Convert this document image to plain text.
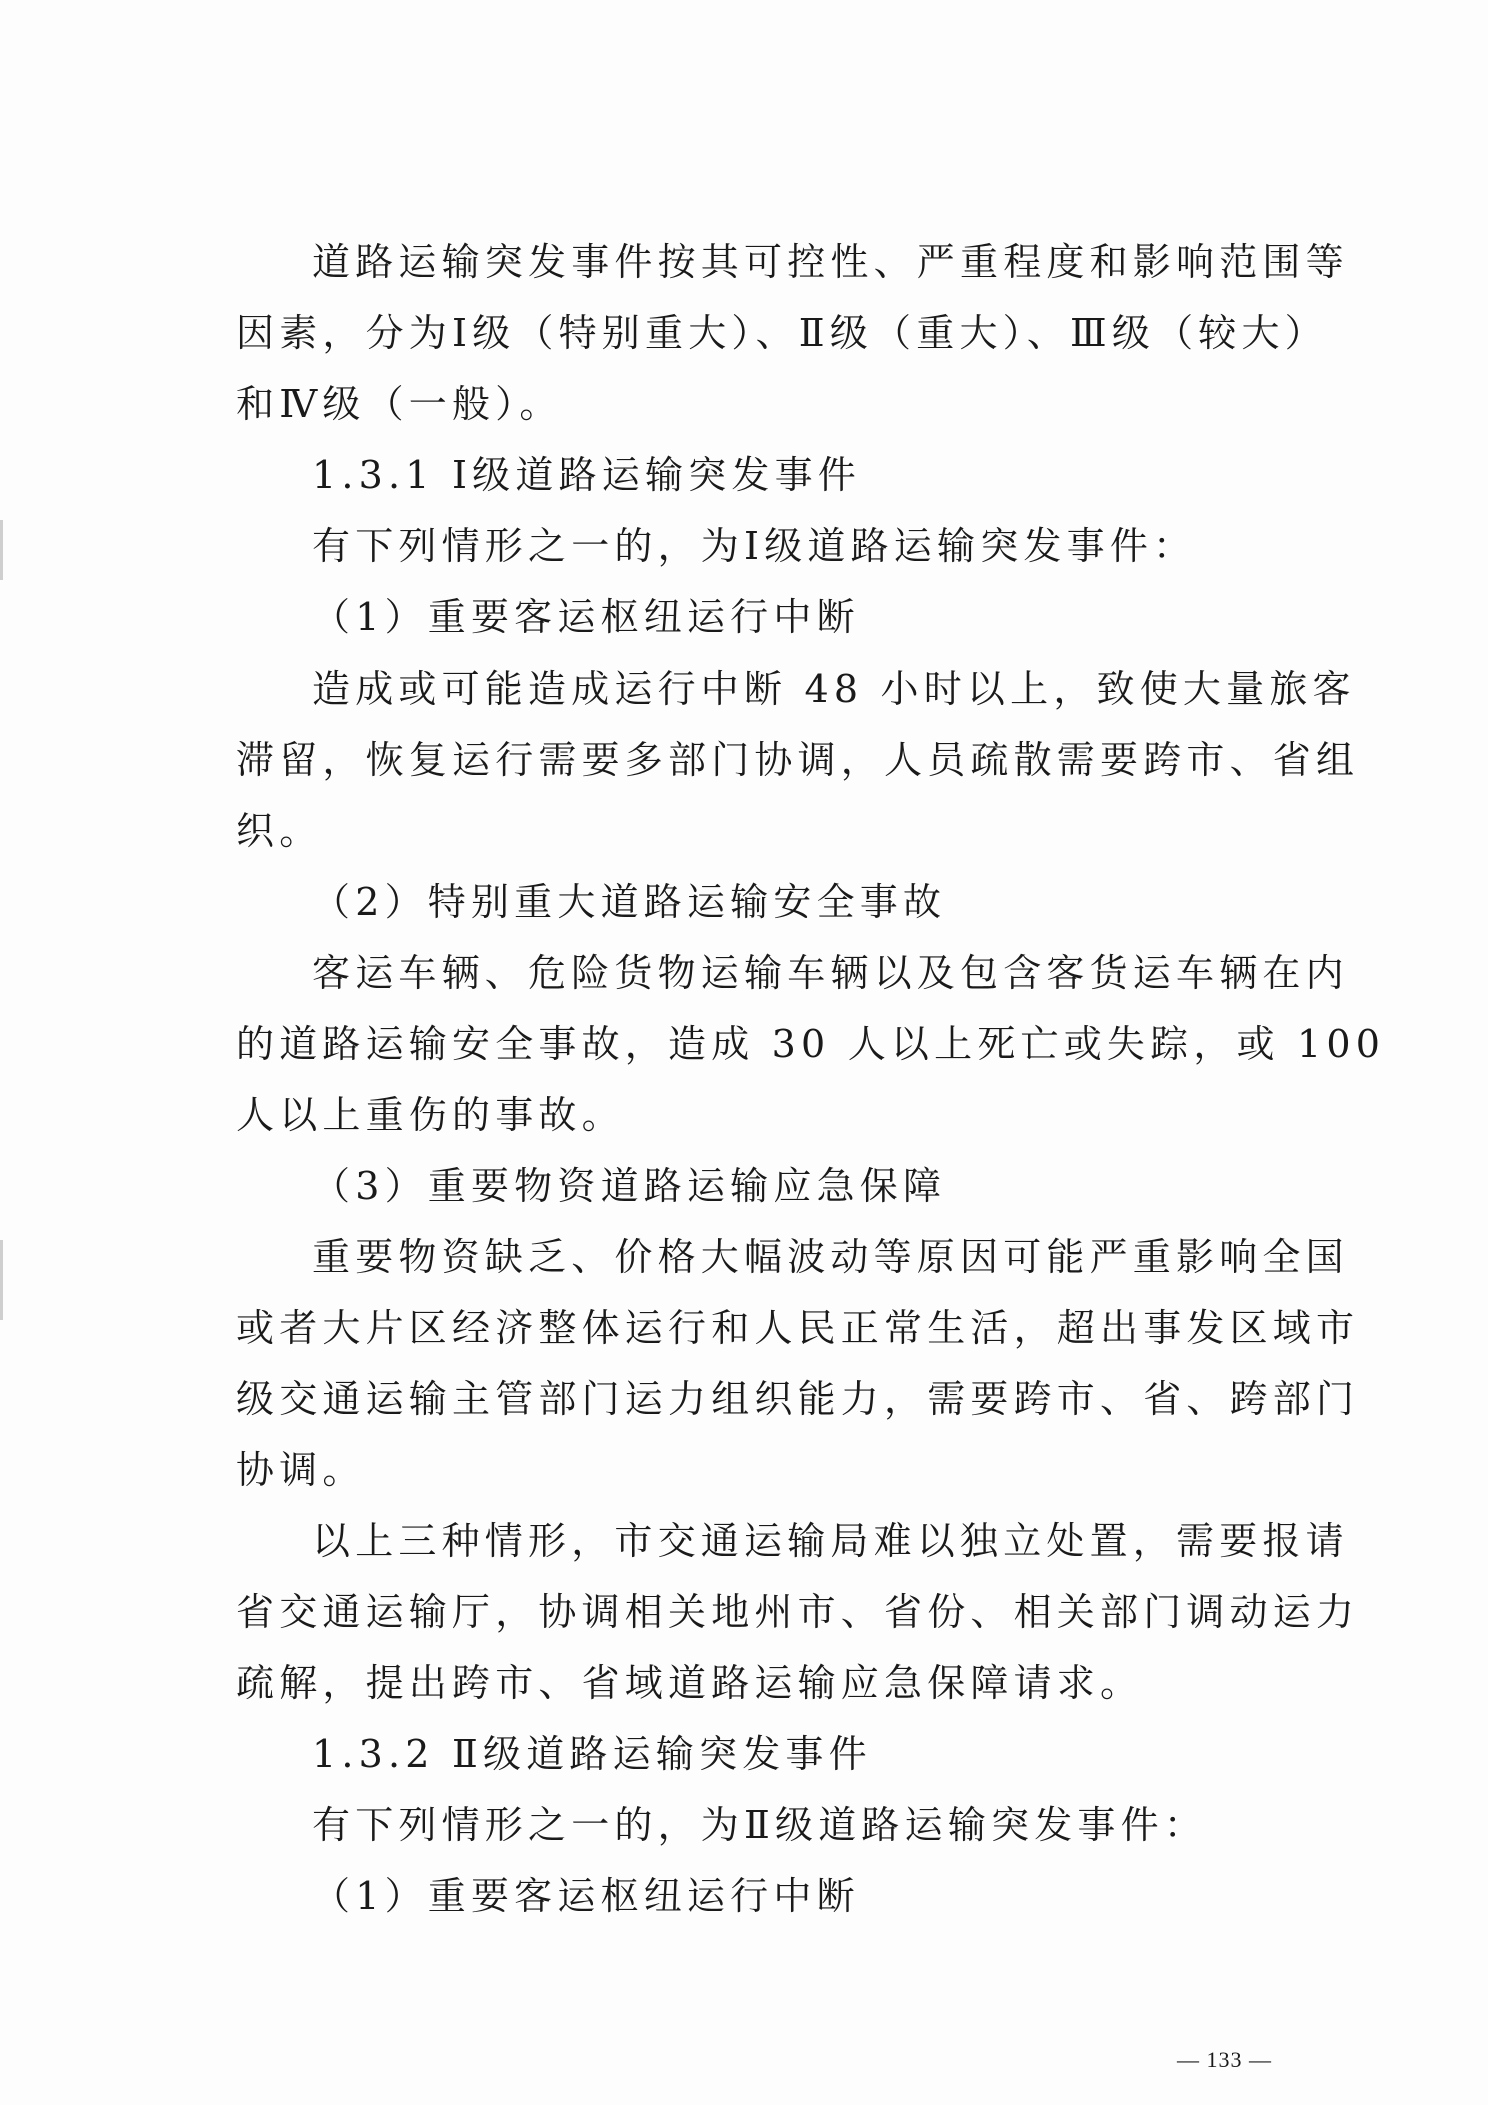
道路运输突发事件按其可控性、严重程度和影响范围等
因素，分为Ⅰ级（特别重大）、Ⅱ级（重大）、Ⅲ级（较大）
和Ⅳ级（一般）。
1.3.1 Ⅰ级道路运输突发事件
有下列情形之一的，为Ⅰ级道路运输突发事件：
（1）重要客运枢纽运行中断
造成或可能造成运行中断 48 小时以上，致使大量旅客
滞留，恢复运行需要多部门协调，人员疏散需要跨市、省组
织。
（2）特别重大道路运输安全事故
客运车辆、危险货物运输车辆以及包含客货运车辆在内
的道路运输安全事故，造成 30 人以上死亡或失踪，或 100
人以上重伤的事故。
（3）重要物资道路运输应急保障
重要物资缺乏、价格大幅波动等原因可能严重影响全国
或者大片区经济整体运行和人民正常生活，超出事发区域市
级交通运输主管部门运力组织能力，需要跨市、省、跨部门
协调。
以上三种情形，市交通运输局难以独立处置，需要报请
省交通运输厅，协调相关地州市、省份、相关部门调动运力
疏解，提出跨市、省域道路运输应急保障请求。
1.3.2 Ⅱ级道路运输突发事件
有下列情形之一的，为Ⅱ级道路运输突发事件：
（1）重要客运枢纽运行中断
— 133 —
